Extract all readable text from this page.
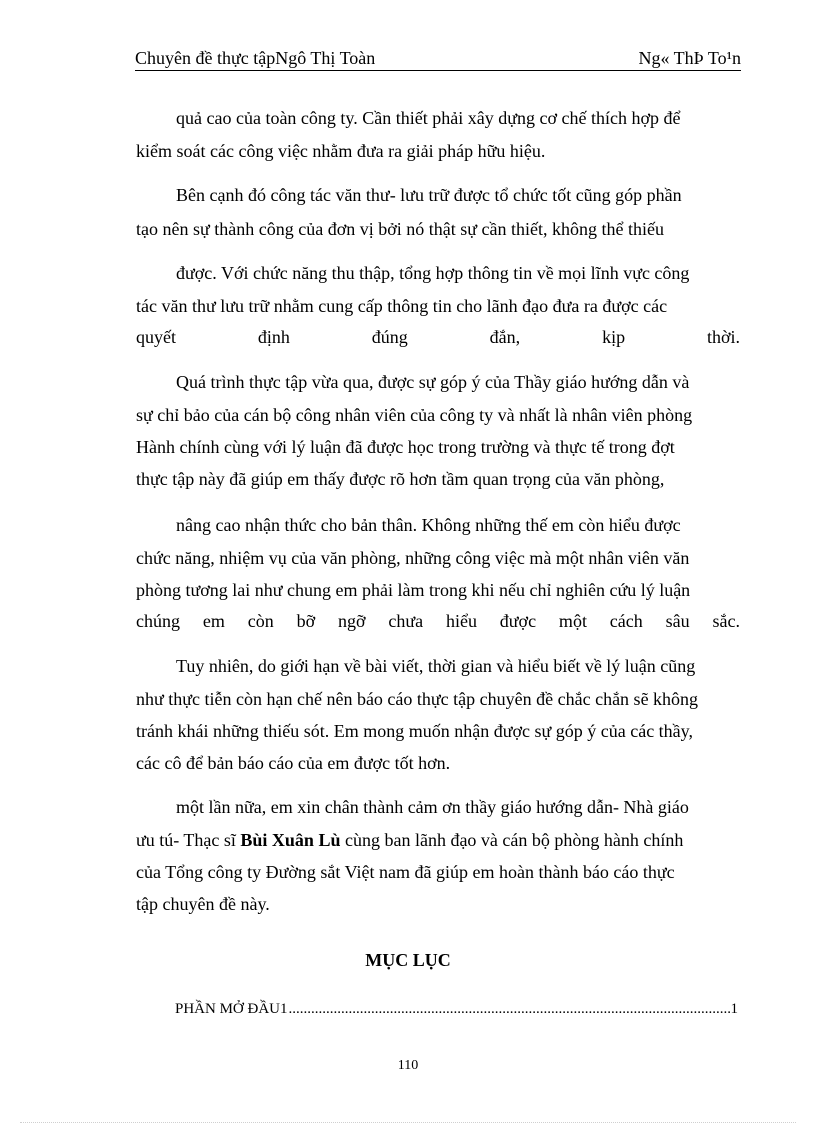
Chuyên đề thực tậpNgô Thị Toàn	Ng« ThÞ To¹n
quả cao của toàn công ty. Cần thiết phải xây dựng cơ chế thích hợp để
kiểm soát các công việc nhằm đưa ra giải pháp hữu hiệu.
Bên cạnh đó công tác văn thư- lưu trữ được tổ chức tốt cũng góp phần
tạo nên sự thành công của đơn vị bởi nó thật sự cần thiết, không thể thiếu
được. Với chức năng thu thập, tổng hợp thông tin về mọi lĩnh vực công
tác văn thư lưu trữ nhằm cung cấp thông tin cho lãnh đạo đưa ra được các
quyết định đúng đắn, kịp thời.
Quá trình thực tập vừa qua, được sự góp ý của Thầy giáo hướng dẫn và
sự chỉ bảo của cán bộ công nhân viên của công ty và nhất là nhân viên phòng
Hành chính cùng với lý luận đã được học trong trường và thực tế trong đợt
thực tập này đã giúp em thấy được rõ hơn tầm quan trọng của văn phòng,
nâng cao nhận thức cho bản thân. Không những thế em còn hiểu được
chức năng, nhiệm vụ của văn phòng, những công việc mà một nhân viên văn
phòng tương lai như chung em phải làm trong khi nếu chỉ nghiên cứu lý luận
chúng em còn bỡ ngỡ chưa hiểu được một cách sâu sắc.
Tuy nhiên, do giới hạn về bài viết, thời gian và hiểu biết về lý luận cũng
như thực tiễn còn hạn chế nên báo cáo thực tập chuyên đề chắc chắn sẽ không
tránh khái những thiếu sót. Em mong muốn nhận được sự góp ý của các thầy,
các cô để bản báo cáo của em được tốt hơn.
một lần nữa, em xin chân thành cảm ơn thầy giáo hướng dẫn- Nhà giáo
ưu tú- Thạc sĩ Bùi Xuân Lù cùng ban lãnh đạo và cán bộ phòng hành chính
của Tổng công ty Đường sắt Việt nam đã giúp em hoàn thành báo cáo thực
tập chuyên đề này.
MỤC LỤC
PHẦN MỞ ĐẦU1
.....	1
110
